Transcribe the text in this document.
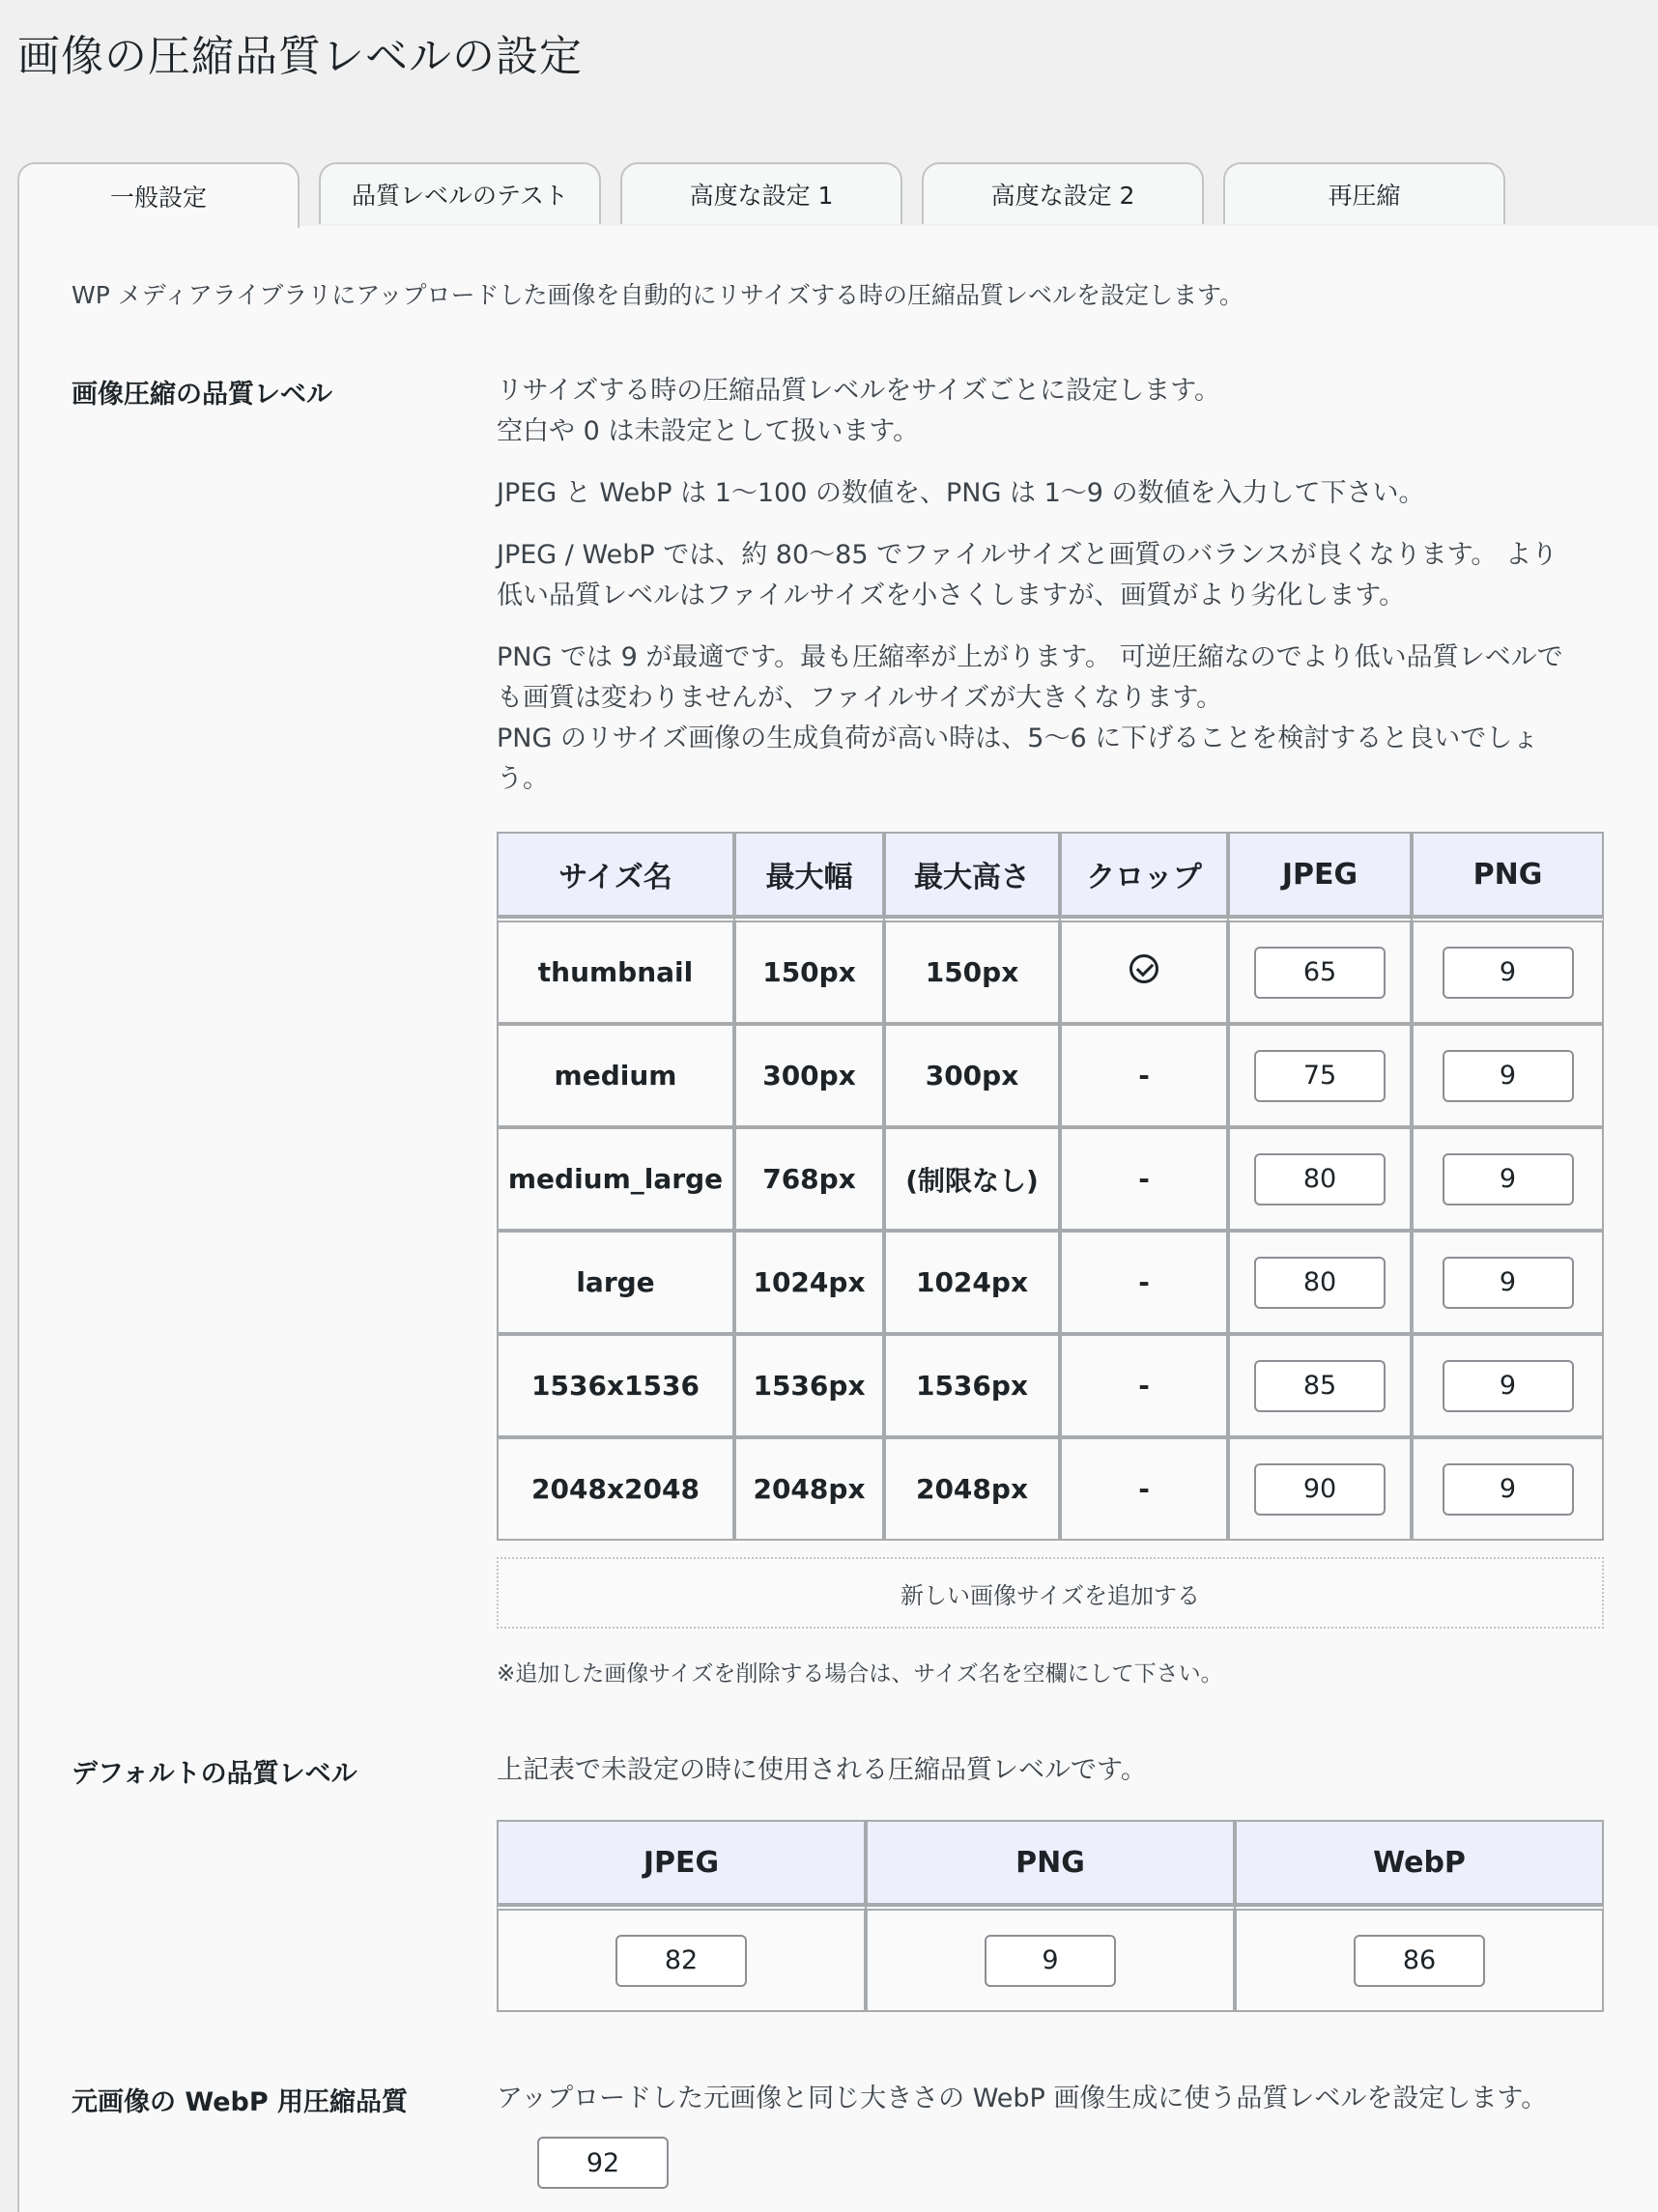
画像の圧縮品質レベルの設定
一般設定	品質レベルのテスト	高度な設定 1	高度な設定 2	再圧縮
WP メディアライブラリにアップロードした画像を自動的にリサイズする時の圧縮品質レベルを設定します。
画像圧縮の品質レベル	リサイズする時の圧縮品質レベルをサイズごとに設定します。
空白や 0 は未設定として扱います。

JPEG と WebP は 1〜100 の数値を、PNG は 1〜9 の数値を入力して下さい。

JPEG / WebP では、約 80〜85 でファイルサイズと画質のバランスが良くなります。 より
低い品質レベルはファイルサイズを小さくしますが、画質がより劣化します。

PNG では 9 が最適です。最も圧縮率が上がります。 可逆圧縮なのでより低い品質レベルで
も画質は変わりませんが、ファイルサイズが大きくなります。
PNG のリサイズ画像の生成負荷が高い時は、5〜6 に下げることを検討すると良いでしょ
う。

サイズ名	最大幅	最大高さ	クロップ	JPEG	PNG
thumbnail	150px	150px		65	9
medium	300px	300px	-	75	9
medium_large	768px	(制限なし)	-	80	9
large	1024px	1024px	-	80	9
1536x1536	1536px	1536px	-	85	9
2048x2048	2048px	2048px	-	90	9
新しい画像サイズを追加する
※追加した画像サイズを削除する場合は、サイズ名を空欄にして下さい。
デフォルトの品質レベル	上記表で未設定の時に使用される圧縮品質レベルです。
JPEG	PNG	WebP
82	9	86
元画像の WebP 用圧縮品質	アップロードした元画像と同じ大きさの WebP 画像生成に使う品質レベルを設定します。
92
